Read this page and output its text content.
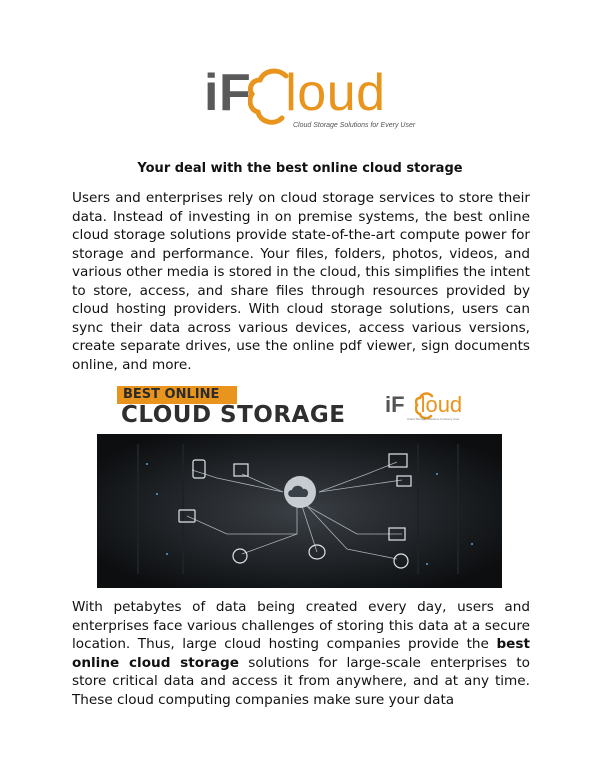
iF loud
Cloud Storage Solutions for Every User
Your deal with the best online cloud storage

Users and enterprises rely on cloud storage services to store their data. Instead of investing in on premise systems, the best online cloud storage solutions provide state-of-the-art compute power for storage and performance. Your files, folders, photos, videos, and various other media is stored in the cloud, this simplifies the intent to store, access, and share files through resources provided by cloud hosting providers. With cloud storage solutions, users can sync their data across various devices, access various versions, create separate drives, use the online pdf viewer, sign documents online, and more.

BEST ONLINE
CLOUD STORAGE iF loud
Cloud Storage Solutions for Every User

With petabytes of data being created every day, users and enterprises face various challenges of storing this data at a secure location. Thus, large cloud hosting companies provide the best online cloud storage solutions for large-scale enterprises to store critical data and access it from anywhere, and at any time. These cloud computing companies make sure your data
